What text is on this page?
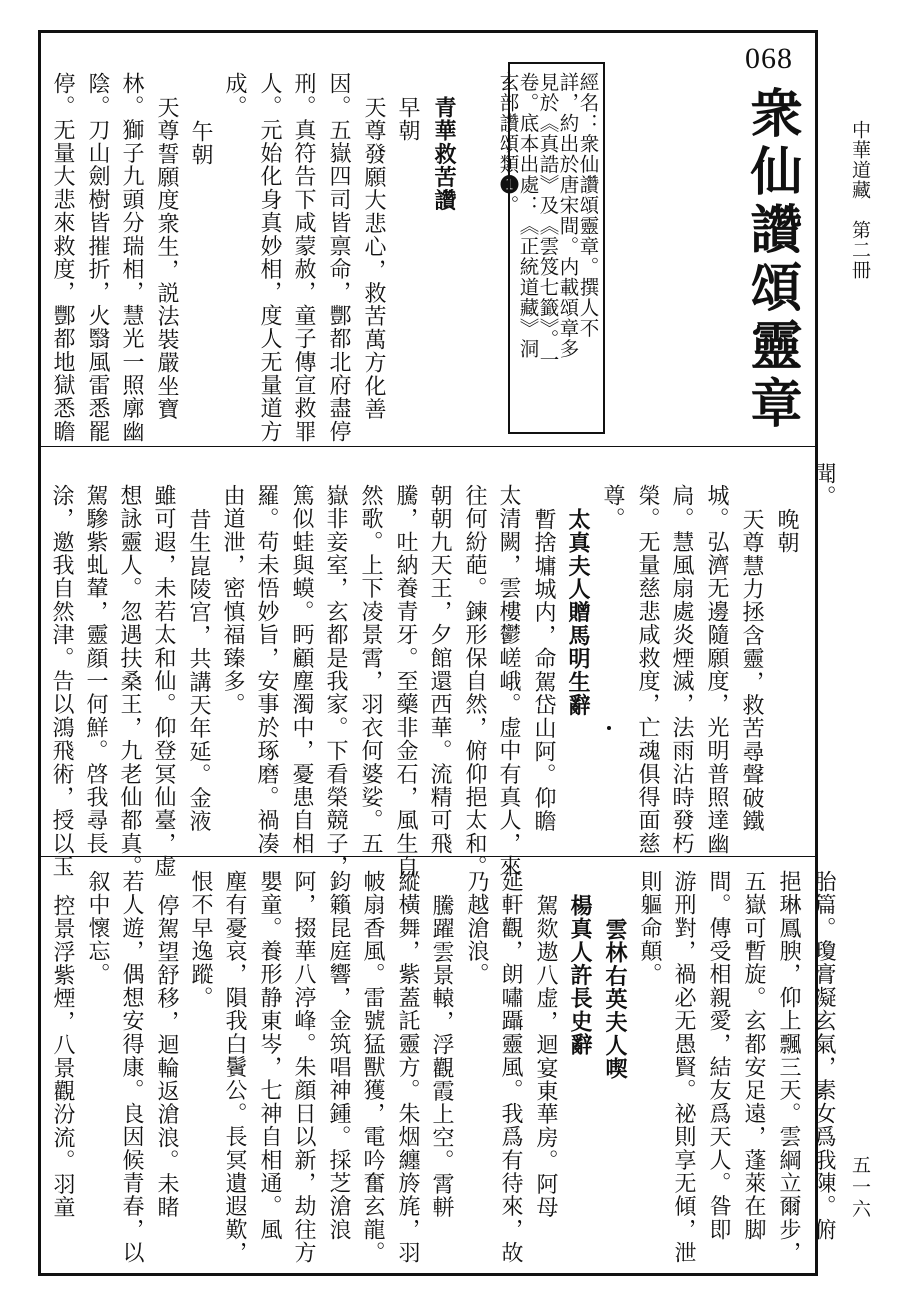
中華道藏　第二冊
五一六
068
衆仙讚頌靈章
經名：衆仙讚頌靈章。撰人不
詳，約出於唐宋間。内載頌章多
見於《真誥》及《雲笈七籤》。一
卷。底本出處：《正統道藏》洞
玄部讚頌類❶。
青華救苦讚
早朝
天尊發願大悲心，救苦萬方化善
因。五嶽四司皆禀命，酆都北府盡停
刑。真符告下咸蒙赦，童子傳宣救罪
人。元始化身真妙相，度人无量道方
成。
午朝
天尊誓願度衆生，説法裝嚴坐寶
林。獅子九頭分瑞相，慧光一照廓幽
陰。刀山劍樹皆摧折，火翳風雷悉罷
停。无量大悲來救度，酆都地獄悉瞻
聞。
晚朝
天尊慧力拯含靈，救苦尋聲破鐵
城。弘濟无邊隨願度，光明普照達幽
扃。慧風扇處炎煙滅，法雨沾時發朽
榮。无量慈悲咸救度，亡魂俱得面慈
尊。
太真夫人贈馬明生辭
暫捨墉城内，命駕岱山阿。仰瞻
太清闕，雲樓鬱嵯峨。虚中有真人，來
往何紛葩。鍊形保自然，俯仰挹太和。
朝朝九天王，夕館還西華。流精可飛
騰，吐納養青牙。至藥非金石，風生自
然歌。上下凌景霄，羽衣何婆娑。五
嶽非妾室，玄都是我家。下看榮競子，
篤似蛙與蟆。眄顧塵濁中，憂患自相
羅。苟未悟妙旨，安事於琢磨。禍凑
由道泄，密慎福臻多。
昔生崑陵宫，共講天年延。金液
雖可遐，未若太和仙。仰登冥仙臺，虚
想詠靈人。忽遇扶桑王，九老仙都真。
駕驂紫虬輦，靈顔一何鮮。啓我尋長
涂，邀我自然津。告以鴻飛術，授以玉
胎篇。瓊膏凝玄氣，素女爲我陳。俯
挹琳鳳腴，仰上飄三天。雲綱立爾步，
五嶽可暫旋。玄都安足遠，蓬萊在脚
間。傳受相親愛，結友爲天人。昝即
游刑對，禍必无愚賢。祕則享无傾，泄
則軀命顛。
雲林右英夫人喫
楊真人許長史辭
駕欻遨八虚，迴宴東華房。阿母
延軒觀，朗嘯躡靈風。我爲有待來，故
乃越滄浪。
騰躍雲景轅，浮觀霞上空。霄軿
縱橫舞，紫蓋託靈方。朱烟纏旍旄，羽
帔扇香風。雷號猛獸獲，電吟奮玄龍。
鈞籟昆庭響，金筑唱神鍾。採芝滄浪
阿，掇華八渟峰。朱顔日以新，劫往方
嬰童。養形静東岑，七神自相通。風
塵有憂哀，隕我白鬢公。長冥遺遐歎，
恨不早逸蹤。
停駕望舒移，迴輪返滄浪。未睹
若人遊，偶想安得康。良因候青春，以
叙中懷忘。
控景浮紫煙，八景觀汾流。羽童
